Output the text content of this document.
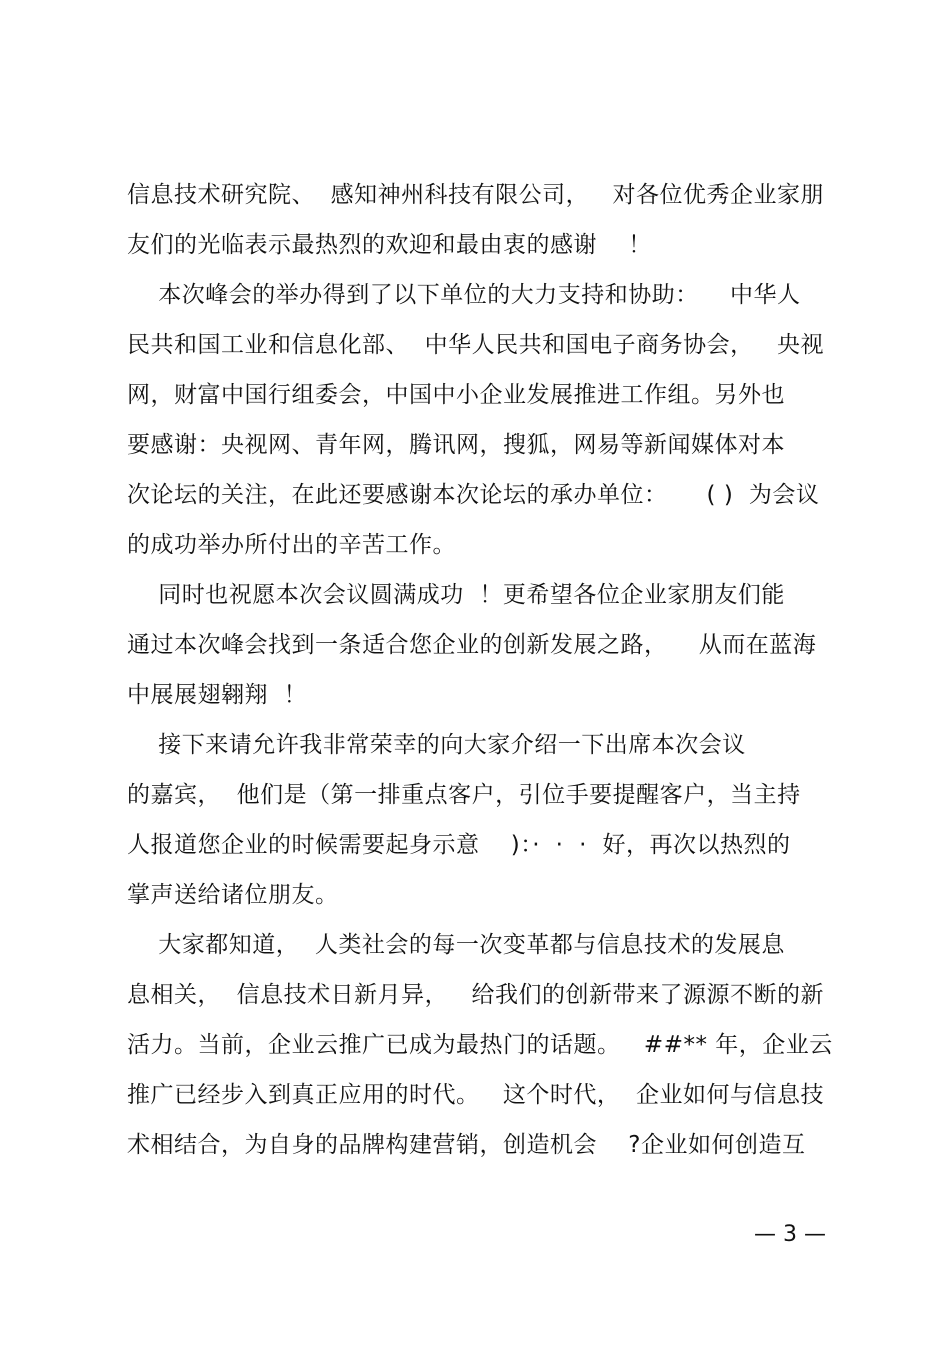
信息技术研究院、  感知神州科技有限公司，   对各位优秀企业家朋
友们的光临表示最热烈的欢迎和最由衷的感谢    ！
本次峰会的举办得到了以下单位的大力支持和协助：    中华人
民共和国工业和信息化部、  中华人民共和国电子商务协会，   央视
网，财富中国行组委会，中国中小企业发展推进工作组。另外也
要感谢：央视网、青年网，腾讯网，搜狐，网易等新闻媒体对本
次论坛的关注，在此还要感谢本次论坛的承办单位：     ( )  为会议
的成功举办所付出的辛苦工作。
同时也祝愿本次会议圆满成功  ！更希望各位企业家朋友们能
通过本次峰会找到一条适合您企业的创新发展之路，    从而在蓝海
中展展翅翱翔  ！
接下来请允许我非常荣幸的向大家介绍一下出席本次会议
的嘉宾，  他们是（第一排重点客户，引位手要提醒客户，当主持
人报道您企业的时候需要起身示意    )：·  ·  ·  好，再次以热烈的
掌声送给诸位朋友。
大家都知道，  人类社会的每一次变革都与信息技术的发展息
息相关，  信息技术日新月异，   给我们的创新带来了源源不断的新
活力。当前，企业云推广已成为最热门的话题。   ##** 年，企业云
推广已经步入到真正应用的时代。   这个时代，  企业如何与信息技
术相结合，为自身的品牌构建营销，创造机会    ?企业如何创造互
— 3 —
